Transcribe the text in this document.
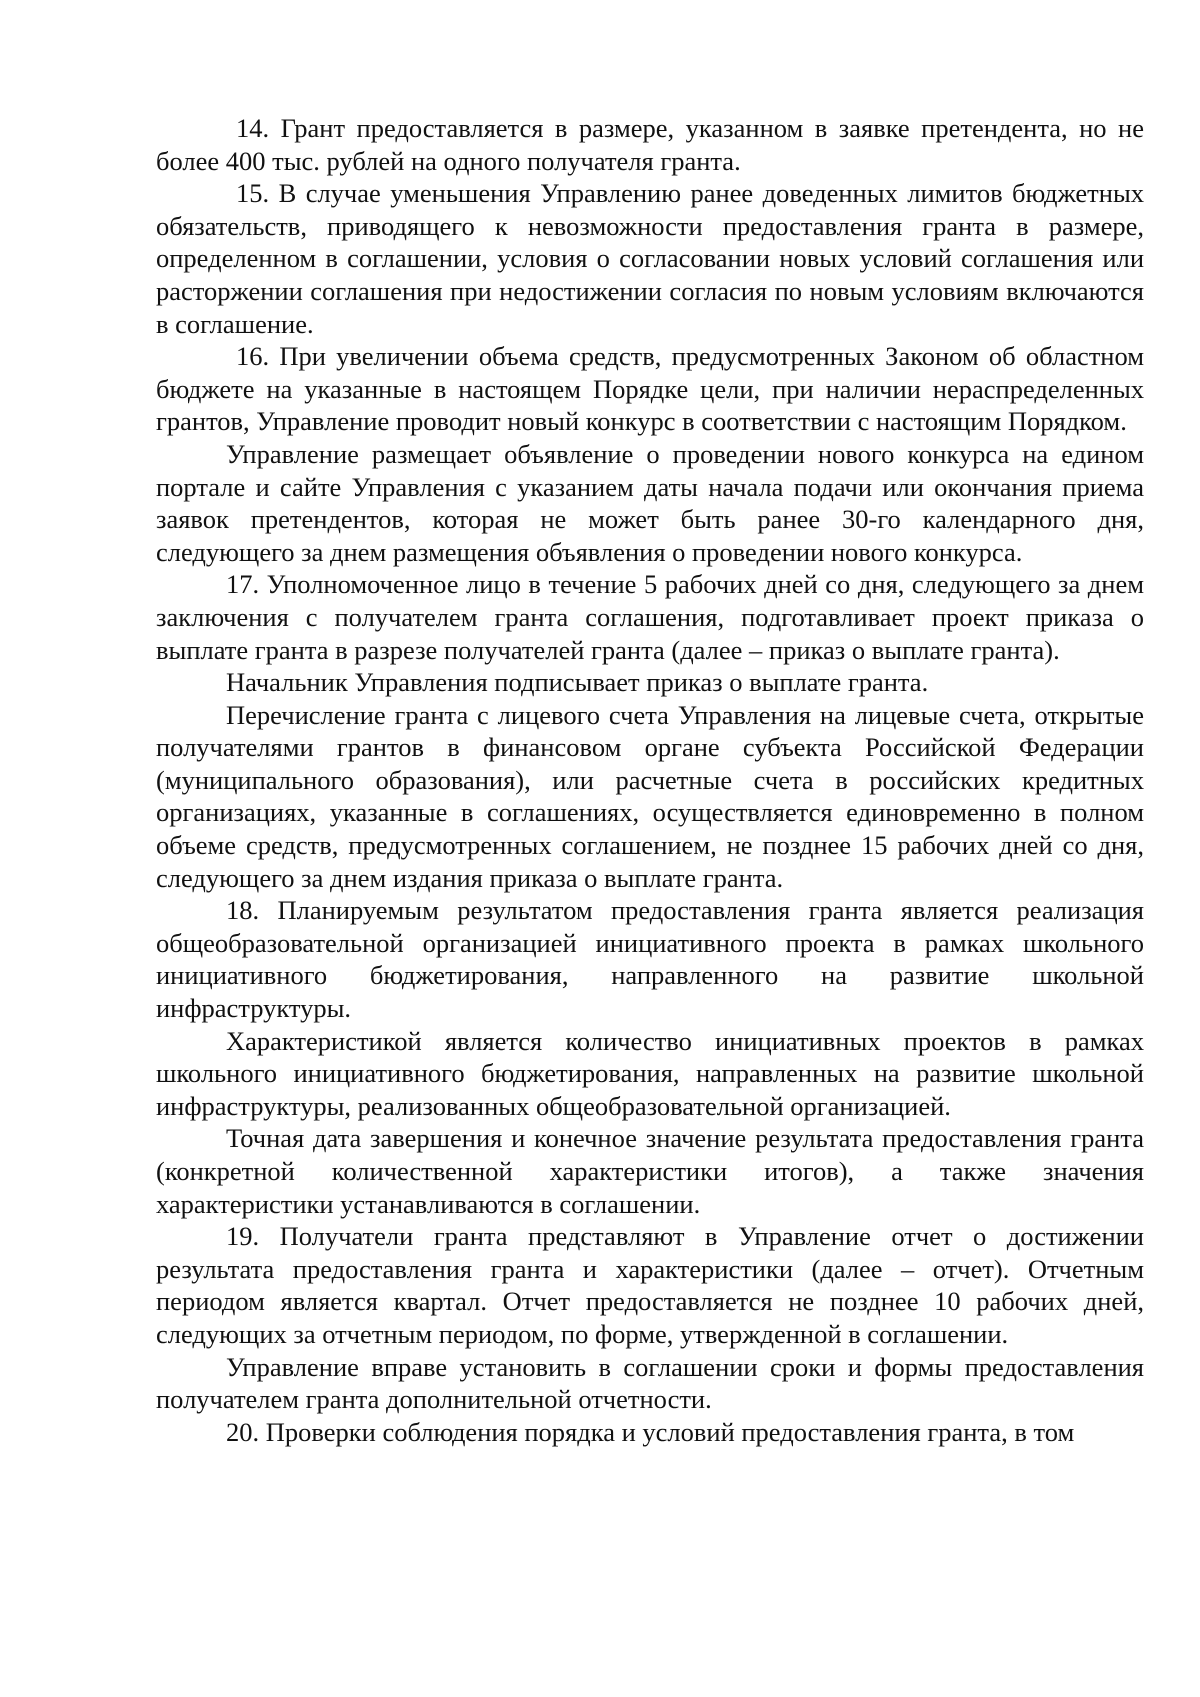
14. Грант предоставляется в размере, указанном в заявке претендента, но не более 400 тыс. рублей на одного получателя гранта.

15. В случае уменьшения Управлению ранее доведенных лимитов бюджетных обязательств, приводящего к невозможности предоставления гранта в размере, определенном в соглашении, условия о согласовании новых условий соглашения или расторжении соглашения при недостижении согласия по новым условиям включаются в соглашение.

16. При увеличении объема средств, предусмотренных Законом об областном бюджете на указанные в настоящем Порядке цели, при наличии нераспределенных грантов, Управление проводит новый конкурс в соответствии с настоящим Порядком.

Управление размещает объявление о проведении нового конкурса на едином портале и сайте Управления с указанием даты начала подачи или окончания приема заявок претендентов, которая не может быть ранее 30-го календарного дня, следующего за днем размещения объявления о проведении нового конкурса.

17. Уполномоченное лицо в течение 5 рабочих дней со дня, следующего за днем заключения с получателем гранта соглашения, подготавливает проект приказа о выплате гранта в разрезе получателей гранта (далее – приказ о выплате гранта).

Начальник Управления подписывает приказ о выплате гранта.

Перечисление гранта с лицевого счета Управления на лицевые счета, открытые получателями грантов в финансовом органе субъекта Российской Федерации (муниципального образования), или расчетные счета в российских кредитных организациях, указанные в соглашениях, осуществляется единовременно в полном объеме средств, предусмотренных соглашением, не позднее 15 рабочих дней со дня, следующего за днем издания приказа о выплате гранта.

18. Планируемым результатом предоставления гранта является реализация общеобразовательной организацией инициативного проекта в рамках школьного инициативного бюджетирования, направленного на развитие школьной инфраструктуры.

Характеристикой является количество инициативных проектов в рамках школьного инициативного бюджетирования, направленных на развитие школьной инфраструктуры, реализованных общеобразовательной организацией.

Точная дата завершения и конечное значение результата предоставления гранта (конкретной количественной характеристики итогов), а также значения характеристики устанавливаются в соглашении.

19. Получатели гранта представляют в Управление отчет о достижении результата предоставления гранта и характеристики (далее – отчет). Отчетным периодом является квартал. Отчет предоставляется не позднее 10 рабочих дней, следующих за отчетным периодом, по форме, утвержденной в соглашении.

Управление вправе установить в соглашении сроки и формы предоставления получателем гранта дополнительной отчетности.

20. Проверки соблюдения порядка и условий предоставления гранта, в том
